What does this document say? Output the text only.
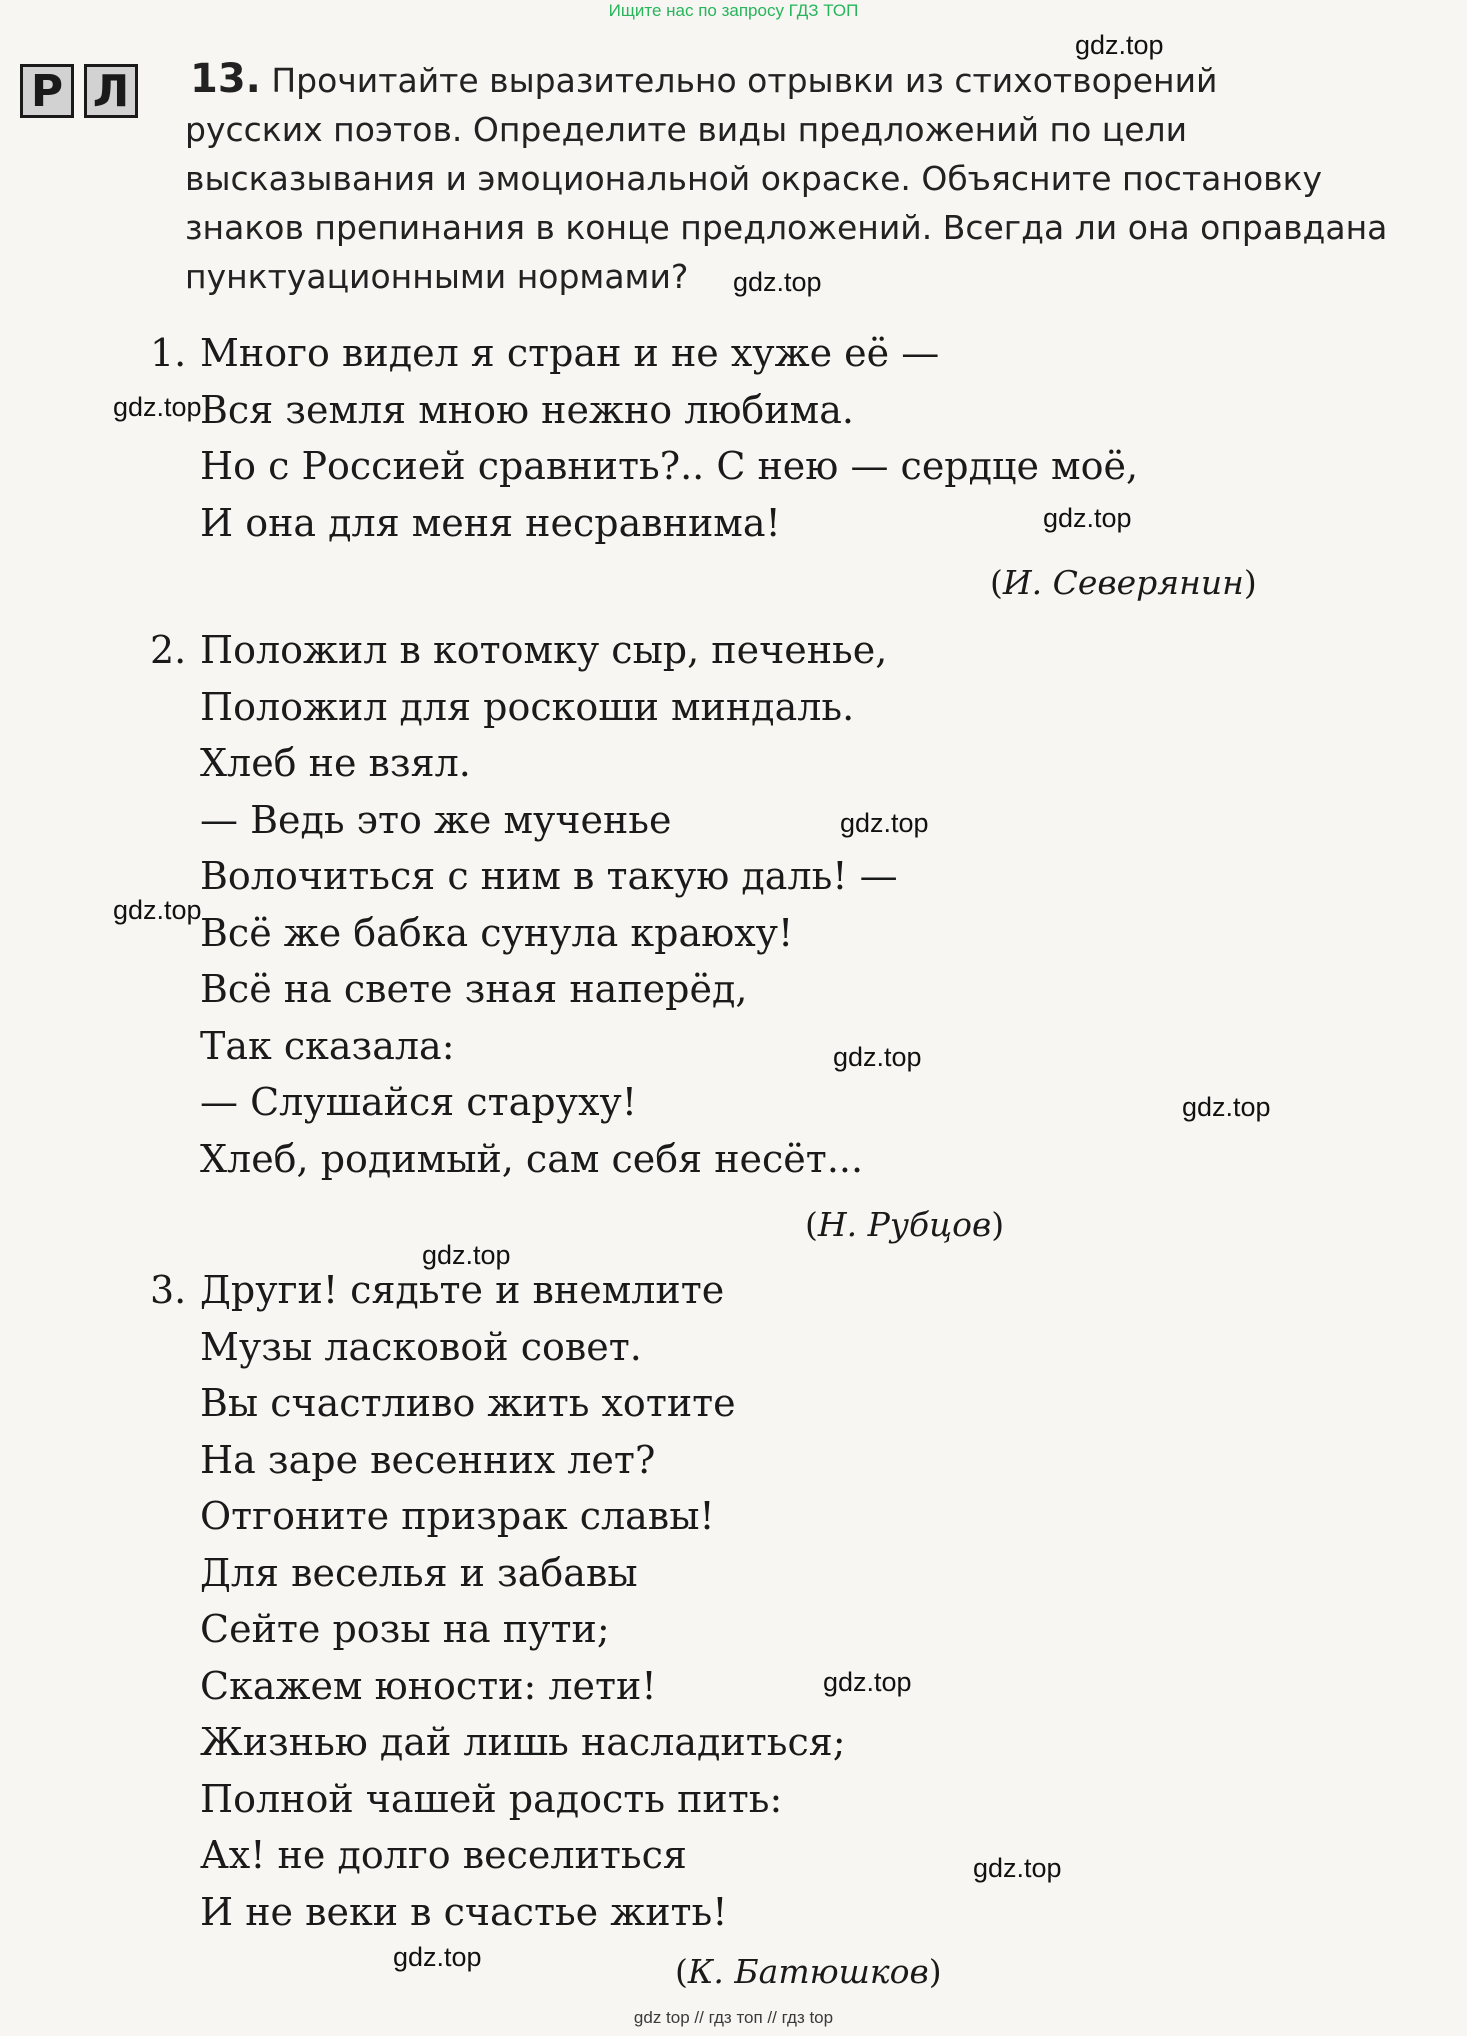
Ищите нас по запросу ГДЗ ТОП
Р Л	13. Прочитайте выразительно отрывки из стихотворений
русских поэтов. Определите виды предложений по цели высказывания и эмоциональной окраске. Объясните постановку знаков препинания в конце предложений. Всегда ли она оправдана пунктуационными нормами?
1. Много видел я стран и не хуже её —
Вся земля мною нежно любима.
Но с Россией сравнить?.. С нею — сердце моё,
И она для меня несравнима!
(И. Северянин)
2. Положил в котомку сыр, печенье,
Положил для роскоши миндаль.
Хлеб не взял.
— Ведь это же мученье
Волочиться с ним в такую даль! —
Всё же бабка сунула краюху!
Всё на свете зная наперёд,
Так сказала:
— Слушайся старуху!
Хлеб, родимый, сам себя несёт...
(Н. Рубцов)
3. Други! сядьте и внемлите
Музы ласковой совет.
Вы счастливо жить хотите
На заре весенних лет?
Отгоните призрак славы!
Для веселья и забавы
Сейте розы на пути;
Скажем юности: лети!
Жизнью дай лишь насладиться;
Полной чашей радость пить:
Ах! не долго веселиться
И не веки в счастье жить!
(К. Батюшков)
gdz.top
gdz.top
gdz.top
gdz.top
gdz.top
gdz.top
gdz.top
gdz.top
gdz.top
gdz.top
gdz.top
gdz.top
gdz top // гдз топ // гдз top
